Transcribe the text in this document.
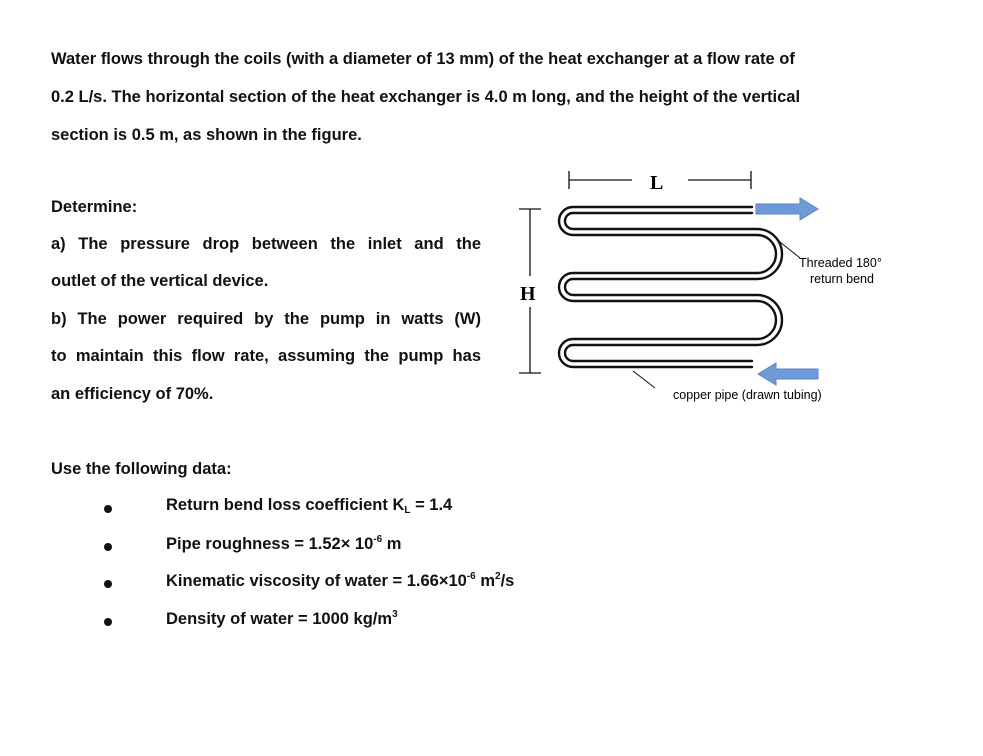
Water flows through the coils (with a diameter of 13 mm) of the heat exchanger at a flow rate of

0.2 L/s. The horizontal section of the heat exchanger is 4.0 m long, and the height of the vertical

section is 0.5 m, as shown in the figure.

Determine:
a) The pressure drop between the inlet and the
outlet of the vertical device.
b) The power required by the pump in watts (W)
to maintain this flow rate, assuming the pump has
an efficiency of 70%.
Use the following data:
Return bend loss coefficient $K_L = 1.4$
Pipe roughness = $1.52\times 10^{-6}$ m
Kinematic viscosity of water = $1.66\times 10^{-6}$ $m^2/s$
Density of water = 1000 $kg/m^3$
L
H
Threaded 180°
return bend
copper pipe (drawn tubing)
